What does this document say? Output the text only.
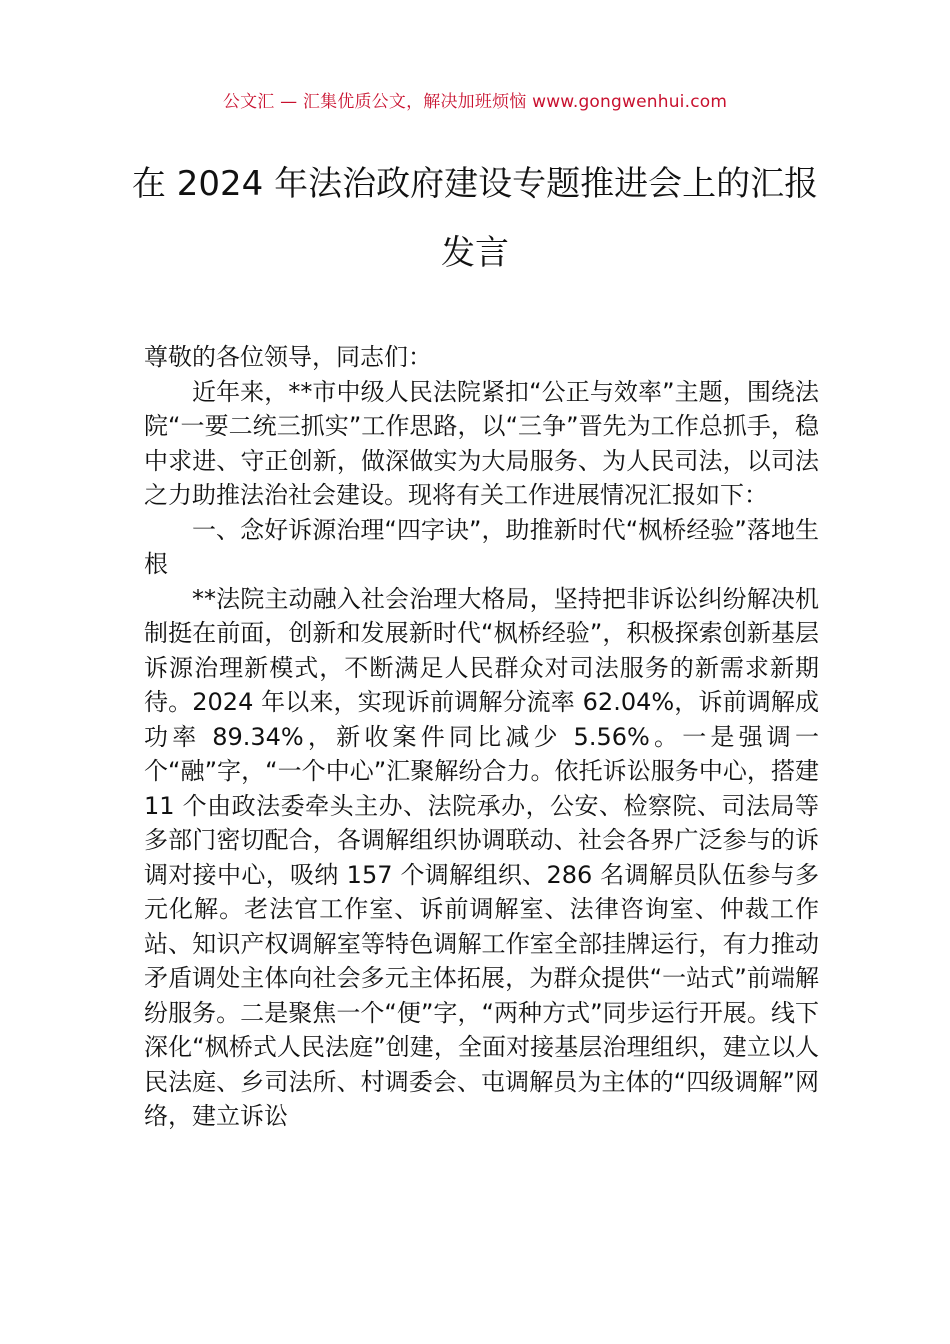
公文汇 — 汇集优质公文，解决加班烦恼 www.gongwenhui.com
在 2024 年法治政府建设专题推进会上的汇报发言

尊敬的各位领导，同志们：

近年来，**市中级人民法院紧扣“公正与效率”主题，围绕法院“一要二统三抓实”工作思路，以“三争”晋先为工作总抓手，稳中求进、守正创新，做深做实为大局服务、为人民司法，以司法之力助推法治社会建设。现将有关工作进展情况汇报如下：

一、念好诉源治理“四字诀”，助推新时代“枫桥经验”落地生根

**法院主动融入社会治理大格局，坚持把非诉讼纠纷解决机制挺在前面，创新和发展新时代“枫桥经验”，积极探索创新基层诉源治理新模式，不断满足人民群众对司法服务的新需求新期待。2024 年以来，实现诉前调解分流率 62.04%，诉前调解成功率 89.34%，新收案件同比减少 5.56%。一是强调一个“融”字，“一个中心”汇聚解纷合力。依托诉讼服务中心，搭建 11 个由政法委牵头主办、法院承办，公安、检察院、司法局等多部门密切配合，各调解组织协调联动、社会各界广泛参与的诉调对接中心，吸纳 157 个调解组织、286 名调解员队伍参与多元化解。老法官工作室、诉前调解室、法律咨询室、仲裁工作站、知识产权调解室等特色调解工作室全部挂牌运行，有力推动矛盾调处主体向社会多元主体拓展，为群众提供“一站式”前端解纷服务。二是聚焦一个“便”字，“两种方式”同步运行开展。线下深化“枫桥式人民法庭”创建，全面对接基层治理组织，建立以人民法庭、乡司法所、村调委会、屯调解员为主体的“四级调解”网络，建立诉讼
